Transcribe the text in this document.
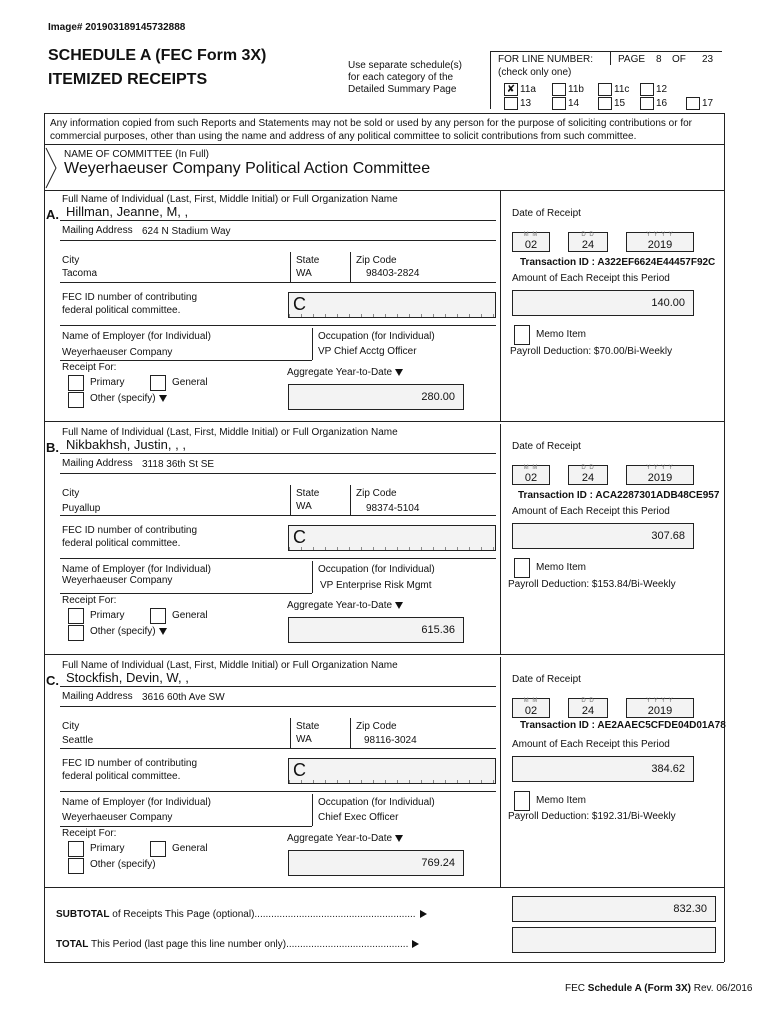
Image# 201903189145732888
SCHEDULE A (FEC Form 3X)
ITEMIZED RECEIPTS
Use separate schedule(s) for each category of the Detailed Summary Page
FOR LINE NUMBER:
(check only one)
PAGE 8 OF 23
✘ 11a	11b	11c	12
13	14	15	16	17
Any information copied from such Reports and Statements may not be sold or used by any person for the purpose of soliciting contributions or for commercial purposes, other than using the name and address of any political committee to solicit contributions from such committee.
NAME OF COMMITTEE (In Full)
Weyerhaeuser Company Political Action Committee
Full Name of Individual (Last, First, Middle Initial) or Full Organization Name
A. Hillman, Jeanne, M, ,
Mailing Address 624 N Stadium Way
City
Tacoma
State
WA
Zip Code
98403-2824
FEC ID number of contributing
federal political committee.	C
Name of Employer (for Individual)
Weyerhaeuser Company
Occupation (for Individual)
VP Chief Acctg Officer
Receipt For:
Primary	General
Other (specify)
Aggregate Year-to-Date
280.00
Date of Receipt
M M
02
D D
24
Y Y Y Y
2019
Transaction ID : A322EF6624E44457F92C
Amount of Each Receipt this Period
140.00
Memo Item
Payroll Deduction: $70.00/Bi-Weekly
Full Name of Individual (Last, First, Middle Initial) or Full Organization Name
B. Nikbakhsh, Justin, , ,
Mailing Address 3118 36th St SE
City
Puyallup
State
WA
Zip Code
98374-5104
FEC ID number of contributing
federal political committee.	C
Name of Employer (for Individual)
Weyerhaeuser Company
Occupation (for Individual)
VP Enterprise Risk Mgmt
Receipt For:
Primary	General
Other (specify)
Aggregate Year-to-Date
615.36
Date of Receipt
M M
02
D D
24
Y Y Y Y
2019
Transaction ID : ACA2287301ADB48CE957
Amount of Each Receipt this Period
307.68
Memo Item
Payroll Deduction: $153.84/Bi-Weekly
Full Name of Individual (Last, First, Middle Initial) or Full Organization Name
C. Stockfish, Devin, W, ,
Mailing Address 3616 60th Ave SW
City
Seattle
State
WA
Zip Code
98116-3024
FEC ID number of contributing
federal political committee.	C
Name of Employer (for Individual)
Weyerhaeuser Company
Occupation (for Individual)
Chief Exec Officer
Receipt For:
Primary	General
Other (specify)
Aggregate Year-to-Date
769.24
Date of Receipt
M M
02
D D
24
Y Y Y Y
2019
Transaction ID : AE2AAEC5CFDE04D01A78
Amount of Each Receipt this Period
384.62
Memo Item
Payroll Deduction: $192.31/Bi-Weekly
SUBTOTAL of Receipts This Page (optional)..........................................................	832.30
TOTAL This Period (last page this line number only)............................................
FEC Schedule A (Form 3X) Rev. 06/2016
